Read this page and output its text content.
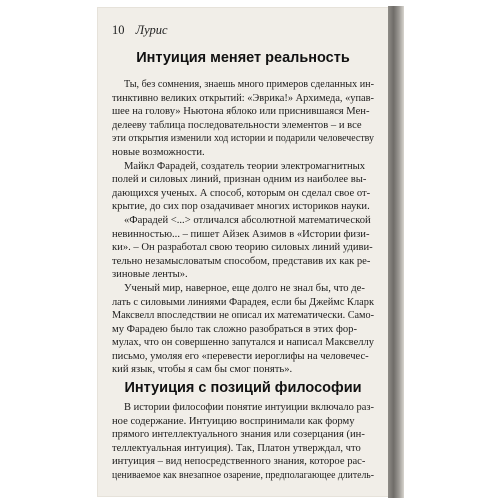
10 Лурис
Интуиция меняет реальность
Ты, без сомнения, знаешь много примеров сделанных ин-
тинктивно великих открытий: «Эврика!» Архимеда, «упав-
шее на голову» Ньютона яблоко или приснившаяся Мен-
делееву таблица последовательности элементов – и все
эти открытия изменили ход истории и подарили человечеству
новые возможности.
Майкл Фарадей, создатель теории электромагнитных
полей и силовых линий, признан одним из наиболее вы-
дающихся ученых. А способ, которым он сделал свое от-
крытие, до сих пор озадачивает многих историков науки.
«Фарадей <...> отличался абсолютной математической
невинностью... – пишет Айзек Азимов в «Истории физи-
ки». – Он разработал свою теорию силовых линий удиви-
тельно незамысловатым способом, представив их как ре-
зиновые ленты».
Ученый мир, наверное, еще долго не знал бы, что де-
лать с силовыми линиями Фарадея, если бы Джеймс Кларк
Максвелл впоследствии не описал их математически. Само-
му Фарадею было так сложно разобраться в этих фор-
мулах, что он совершенно запутался и написал Максвеллу
письмо, умоляя его «перевести иероглифы на человечес-
кий язык, чтобы я сам бы смог понять».
Интуиция с позиций философии
В истории философии понятие интуиции включало раз-
ное содержание. Интуицию воспринимали как форму
прямого интеллектуального знания или созерцания (ин-
теллектуальная интуиция). Так, Платон утверждал, что
интуиция – вид непосредственного знания, которое рас-
цениваемое как внезапное озарение, предполагающее длитель-
